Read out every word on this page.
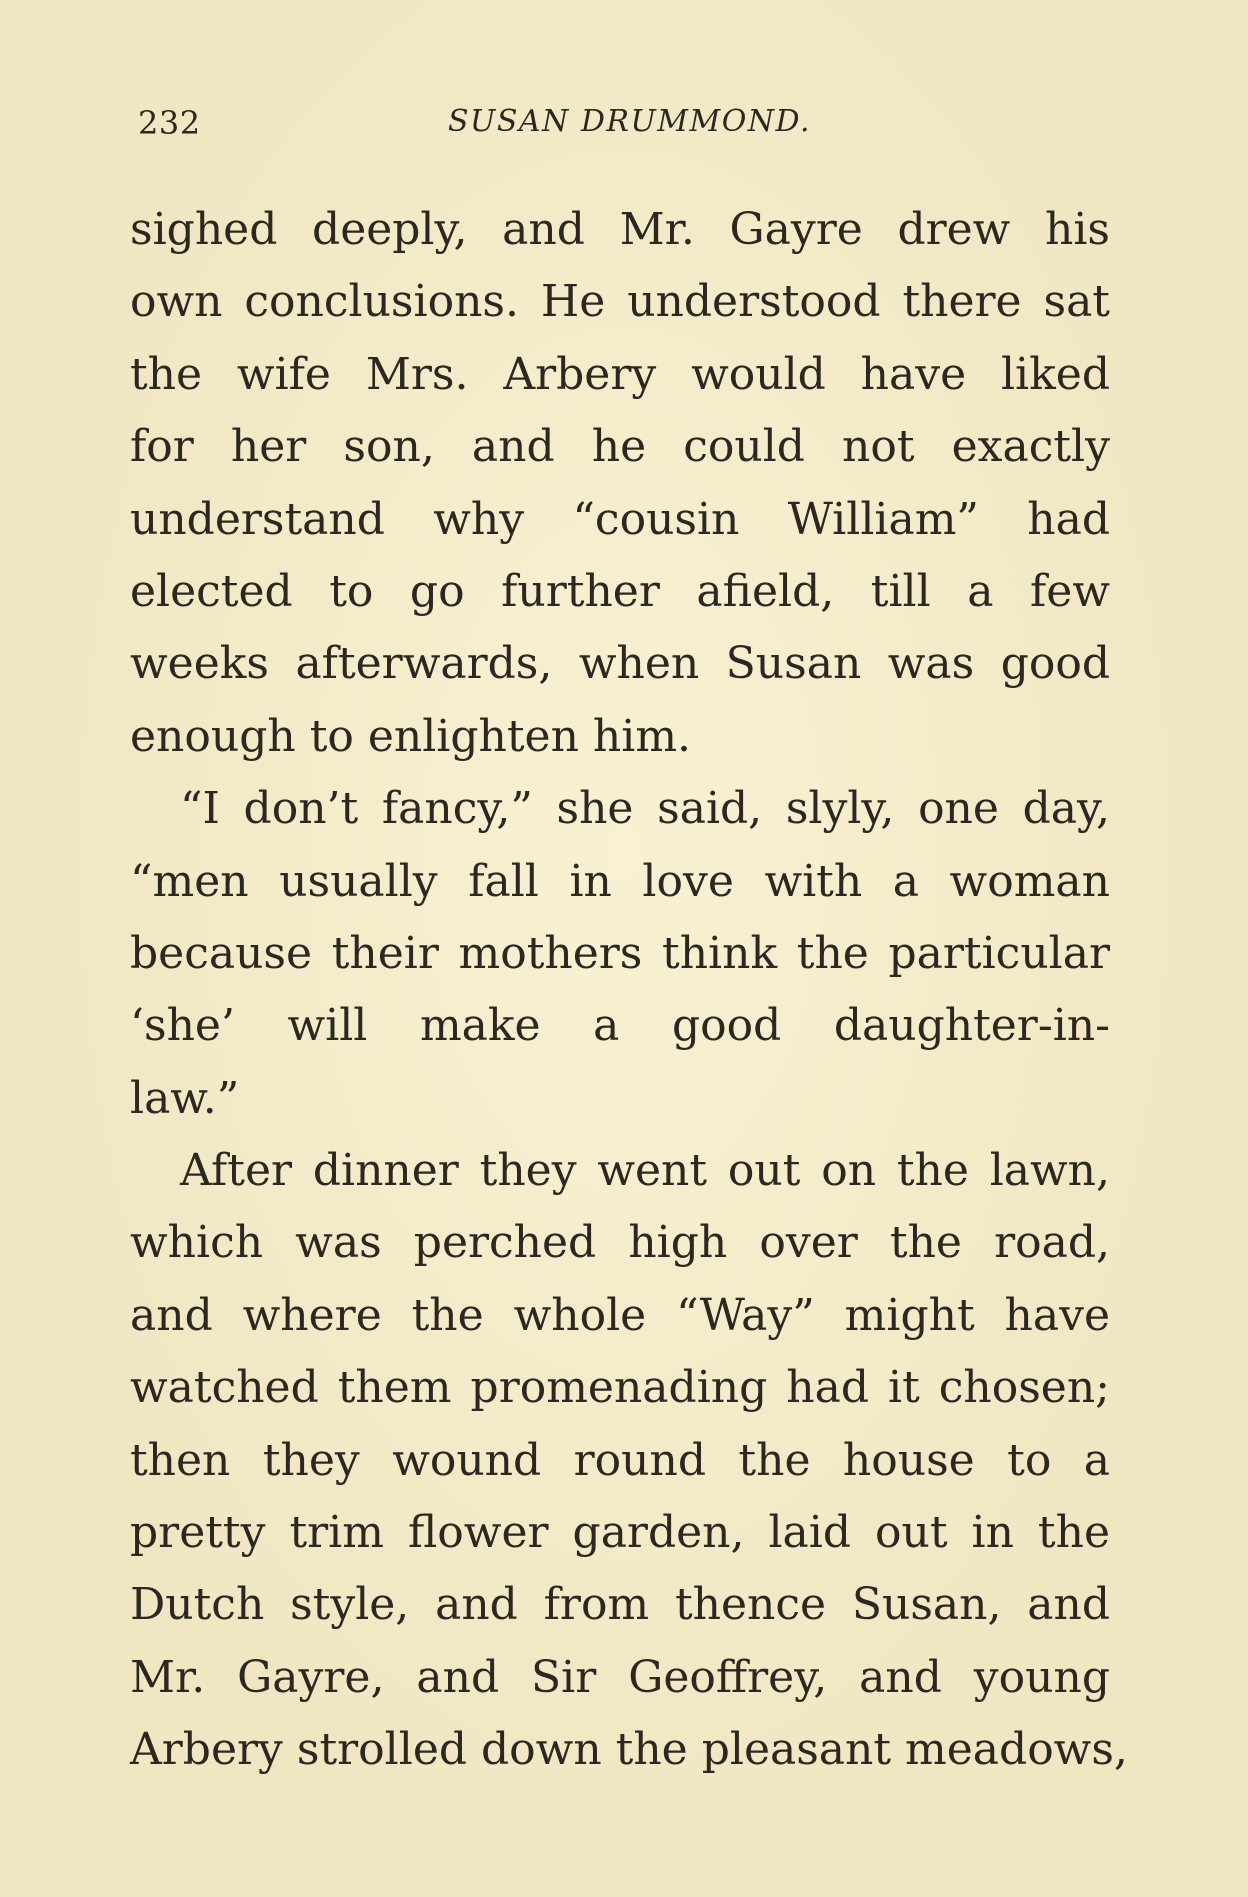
232	SUSAN DRUMMOND.
sighed deeply, and Mr. Gayre drew his
own conclusions. He understood there sat
the wife Mrs. Arbery would have liked
for her son, and he could not exactly
understand why “cousin William” had
elected to go further afield, till a few
weeks afterwards, when Susan was good
enough to enlighten him.
“I don’t fancy,” she said, slyly, one day,
“men usually fall in love with a woman
because their mothers think the particular
‘she’ will make a good daughter-in-
law.”
After dinner they went out on the lawn,
which was perched high over the road,
and where the whole “Way” might have
watched them promenading had it chosen;
then they wound round the house to a
pretty trim flower garden, laid out in the
Dutch style, and from thence Susan, and
Mr. Gayre, and Sir Geoffrey, and young
Arbery strolled down the pleasant meadows,
